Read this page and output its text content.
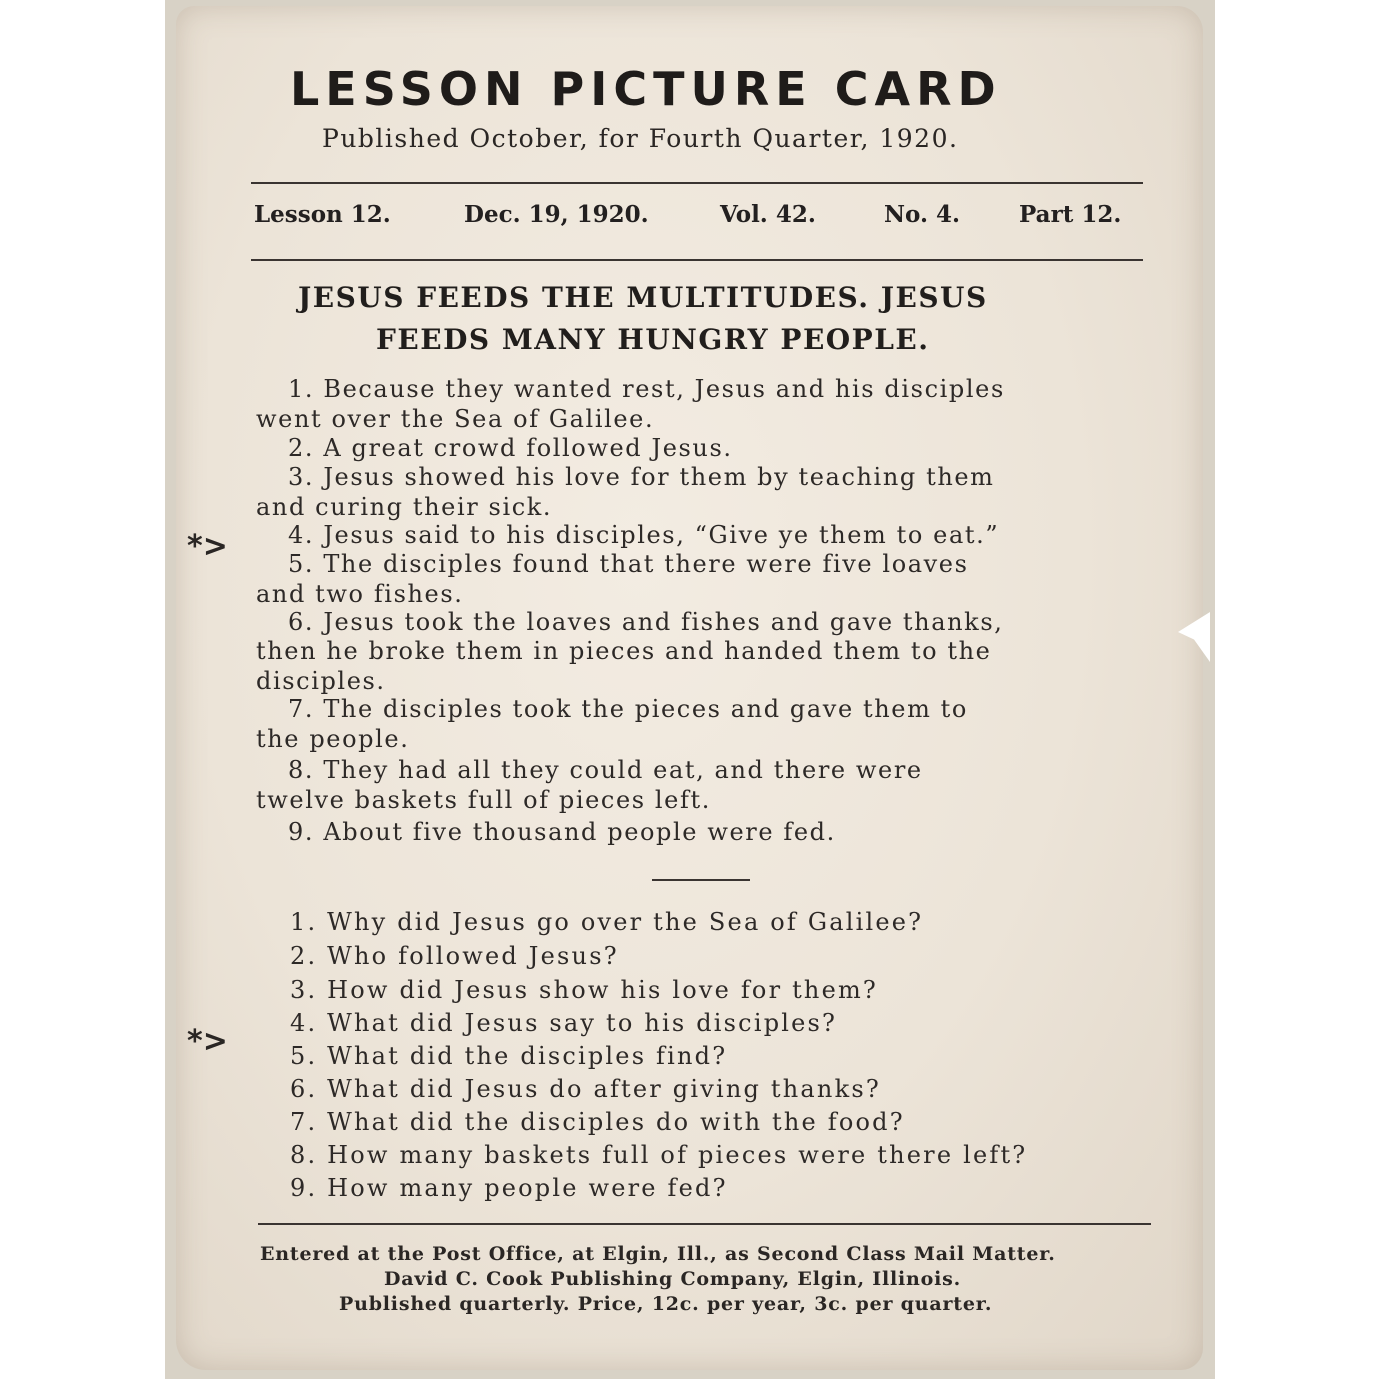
LESSON PICTURE CARD
Published October, for Fourth Quarter, 1920.
Lesson 12.	Dec. 19, 1920.	Vol. 42.	No. 4.	Part 12.
JESUS FEEDS THE MULTITUDES. JESUS
FEEDS MANY HUNGRY PEOPLE.
1. Because they wanted rest, Jesus and his disciples
went over the Sea of Galilee.
2. A great crowd followed Jesus.
3. Jesus showed his love for them by teaching them
and curing their sick.
4. Jesus said to his disciples, “Give ye them to eat.”
5. The disciples found that there were five loaves
and two fishes.
6. Jesus took the loaves and fishes and gave thanks,
then he broke them in pieces and handed them to the
disciples.
7. The disciples took the pieces and gave them to
the people.
8. They had all they could eat, and there were
twelve baskets full of pieces left.
9. About five thousand people were fed.
1. Why did Jesus go over the Sea of Galilee?
2. Who followed Jesus?
3. How did Jesus show his love for them?
4. What did Jesus say to his disciples?
5. What did the disciples find?
6. What did Jesus do after giving thanks?
7. What did the disciples do with the food?
8. How many baskets full of pieces were there left?
9. How many people were fed?
*>
*>
Entered at the Post Office, at Elgin, Ill., as Second Class Mail Matter.
David C. Cook Publishing Company, Elgin, Illinois.
Published quarterly. Price, 12c. per year, 3c. per quarter.
